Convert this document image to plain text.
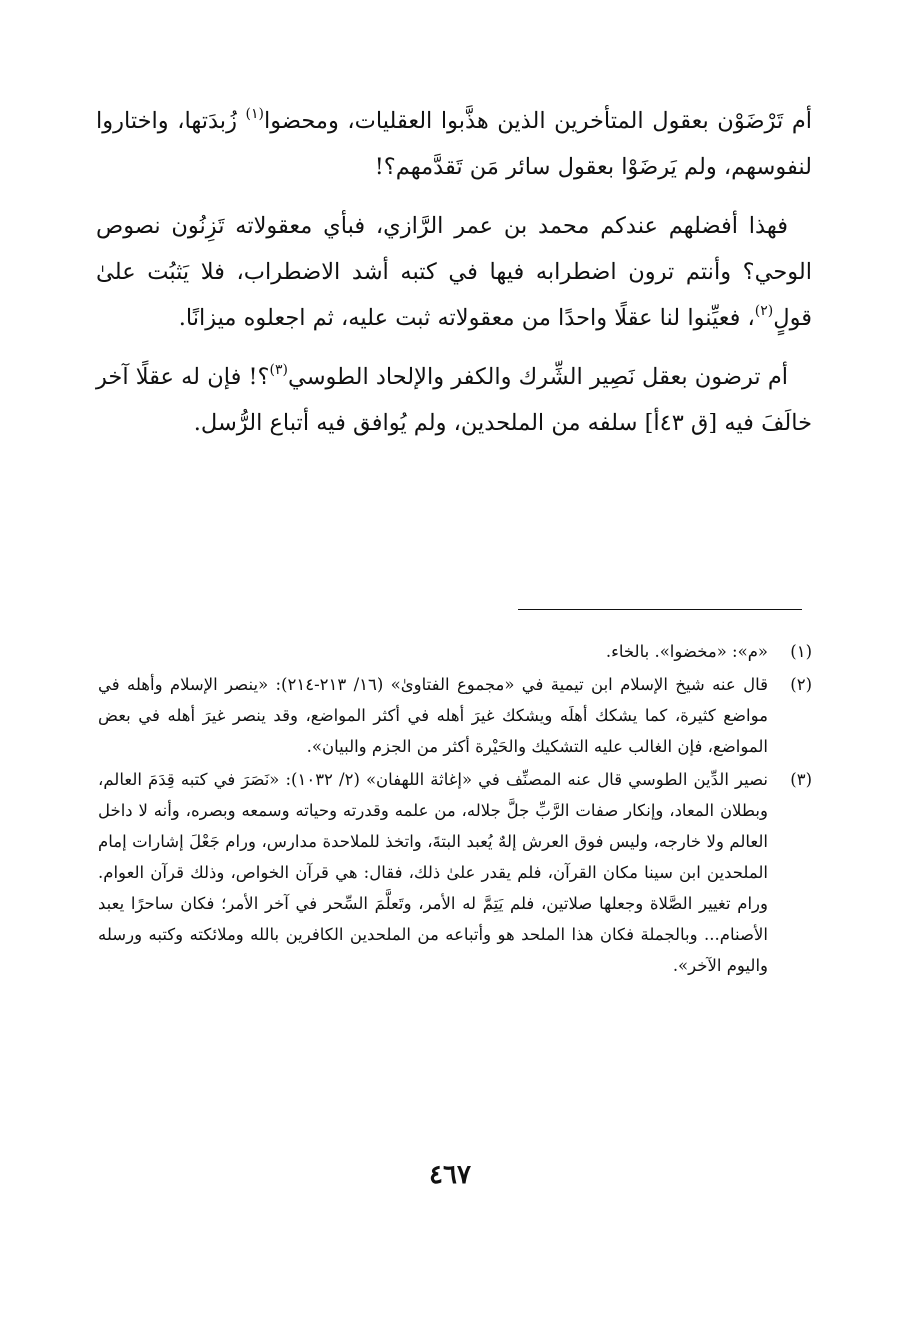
أم تَرْضَوْن بعقول المتأخرين الذين هذَّبوا العقليات، ومحضوا$^{(١)}$ زُبدَتها، واختاروا لنفوسهم، ولم يَرضَوْا بعقول سائر مَن تَقدَّمهم؟!

فهذا أفضلهم عندكم محمد بن عمر الرَّازي، فبأي معقولاته تَزِنُون نصوص الوحي؟ وأنتم ترون اضطرابه فيها في كتبه أشد الاضطراب، فلا يَثبُت علىٰ قولٍ$^{(٢)}$، فعيِّنوا لنا عقلًا واحدًا من معقولاته ثبت عليه، ثم اجعلوه ميزانًا.

أم ترضون بعقل نَصِير الشِّرك والكفر والإلحاد الطوسي$^{(٣)}$؟! فإن له عقلًا آخر خالَفَ فيه [ق ٤٣أ] سلفه من الملحدين، ولم يُوافق فيه أتباع الرُّسل.

(١)
«م»: «مخضوا». بالخاء.
(٢)
قال عنه شيخ الإسلام ابن تيمية في «مجموع الفتاوىٰ» (١٦/ ٢١٣-٢١٤): «ينصر الإسلام وأهله في مواضع كثيرة، كما يشكك أهلَه ويشكك غيرَ أهله في أكثر المواضع، وقد ينصر غيرَ أهله في بعض المواضع، فإن الغالب عليه التشكيك والحَيْرة أكثر من الجزم والبيان».
(٣)
نصير الدِّين الطوسي قال عنه المصنِّف في «إغاثة اللهفان» (٢/ ١٠٣٢): «نَصَرَ في كتبه قِدَمَ العالم، وبطلان المعاد، وإنكار صفات الرَّبِّ جلَّ جلاله، من علمه وقدرته وحياته وسمعه وبصره، وأنه لا داخل العالم ولا خارجه، وليس فوق العرش إلهٌ يُعبد البتةَ، واتخذ للملاحدة مدارس، ورام جَعْلَ إشارات إمام الملحدين ابن سينا مكان القرآن، فلم يقدر علىٰ ذلك، فقال: هي قرآن الخواص، وذلك قرآن العوام. ورام تغيير الصَّلاة وجعلها صلاتين، فلم يَتِمَّ له الأمر، وتَعلَّمَ السِّحر في آخر الأمر؛ فكان ساحرًا يعبد الأصنام... وبالجملة فكان هذا الملحد هو وأتباعه من الملحدين الكافرين بالله وملائكته وكتبه ورسله واليوم الآخر».
٤٦٧
